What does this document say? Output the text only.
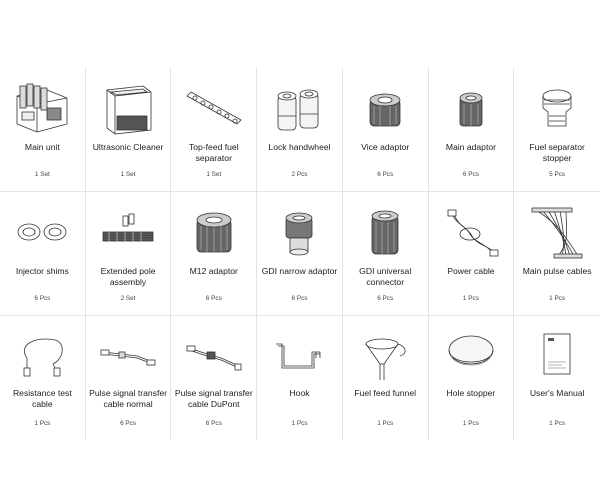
Main unit
1 Set
Ultrasonic Cleaner
1 Set
Top-feed fuel separator
1 Set
Lock handwheel
2 Pcs
Vice adaptor
6 Pcs
Main adaptor
6 Pcs
Fuel separator stopper
5 Pcs
Injector shims
6 Pcs
Extended pole assembly
2 Set
M12 adaptor
6 Pcs
GDI narrow adaptor
6 Pcs
GDI universal connector
6 Pcs
Power cable
1 Pcs
Main pulse cables
1 Pcs
Resistance test cable
1 Pcs
Pulse signal transfer cable normal
6 Pcs
Pulse signal transfer cable DuPont
6 Pcs
Hook
1 Pcs
Fuel feed funnel
1 Pcs
Hole stopper
1 Pcs
User's Manual
1 Pcs
